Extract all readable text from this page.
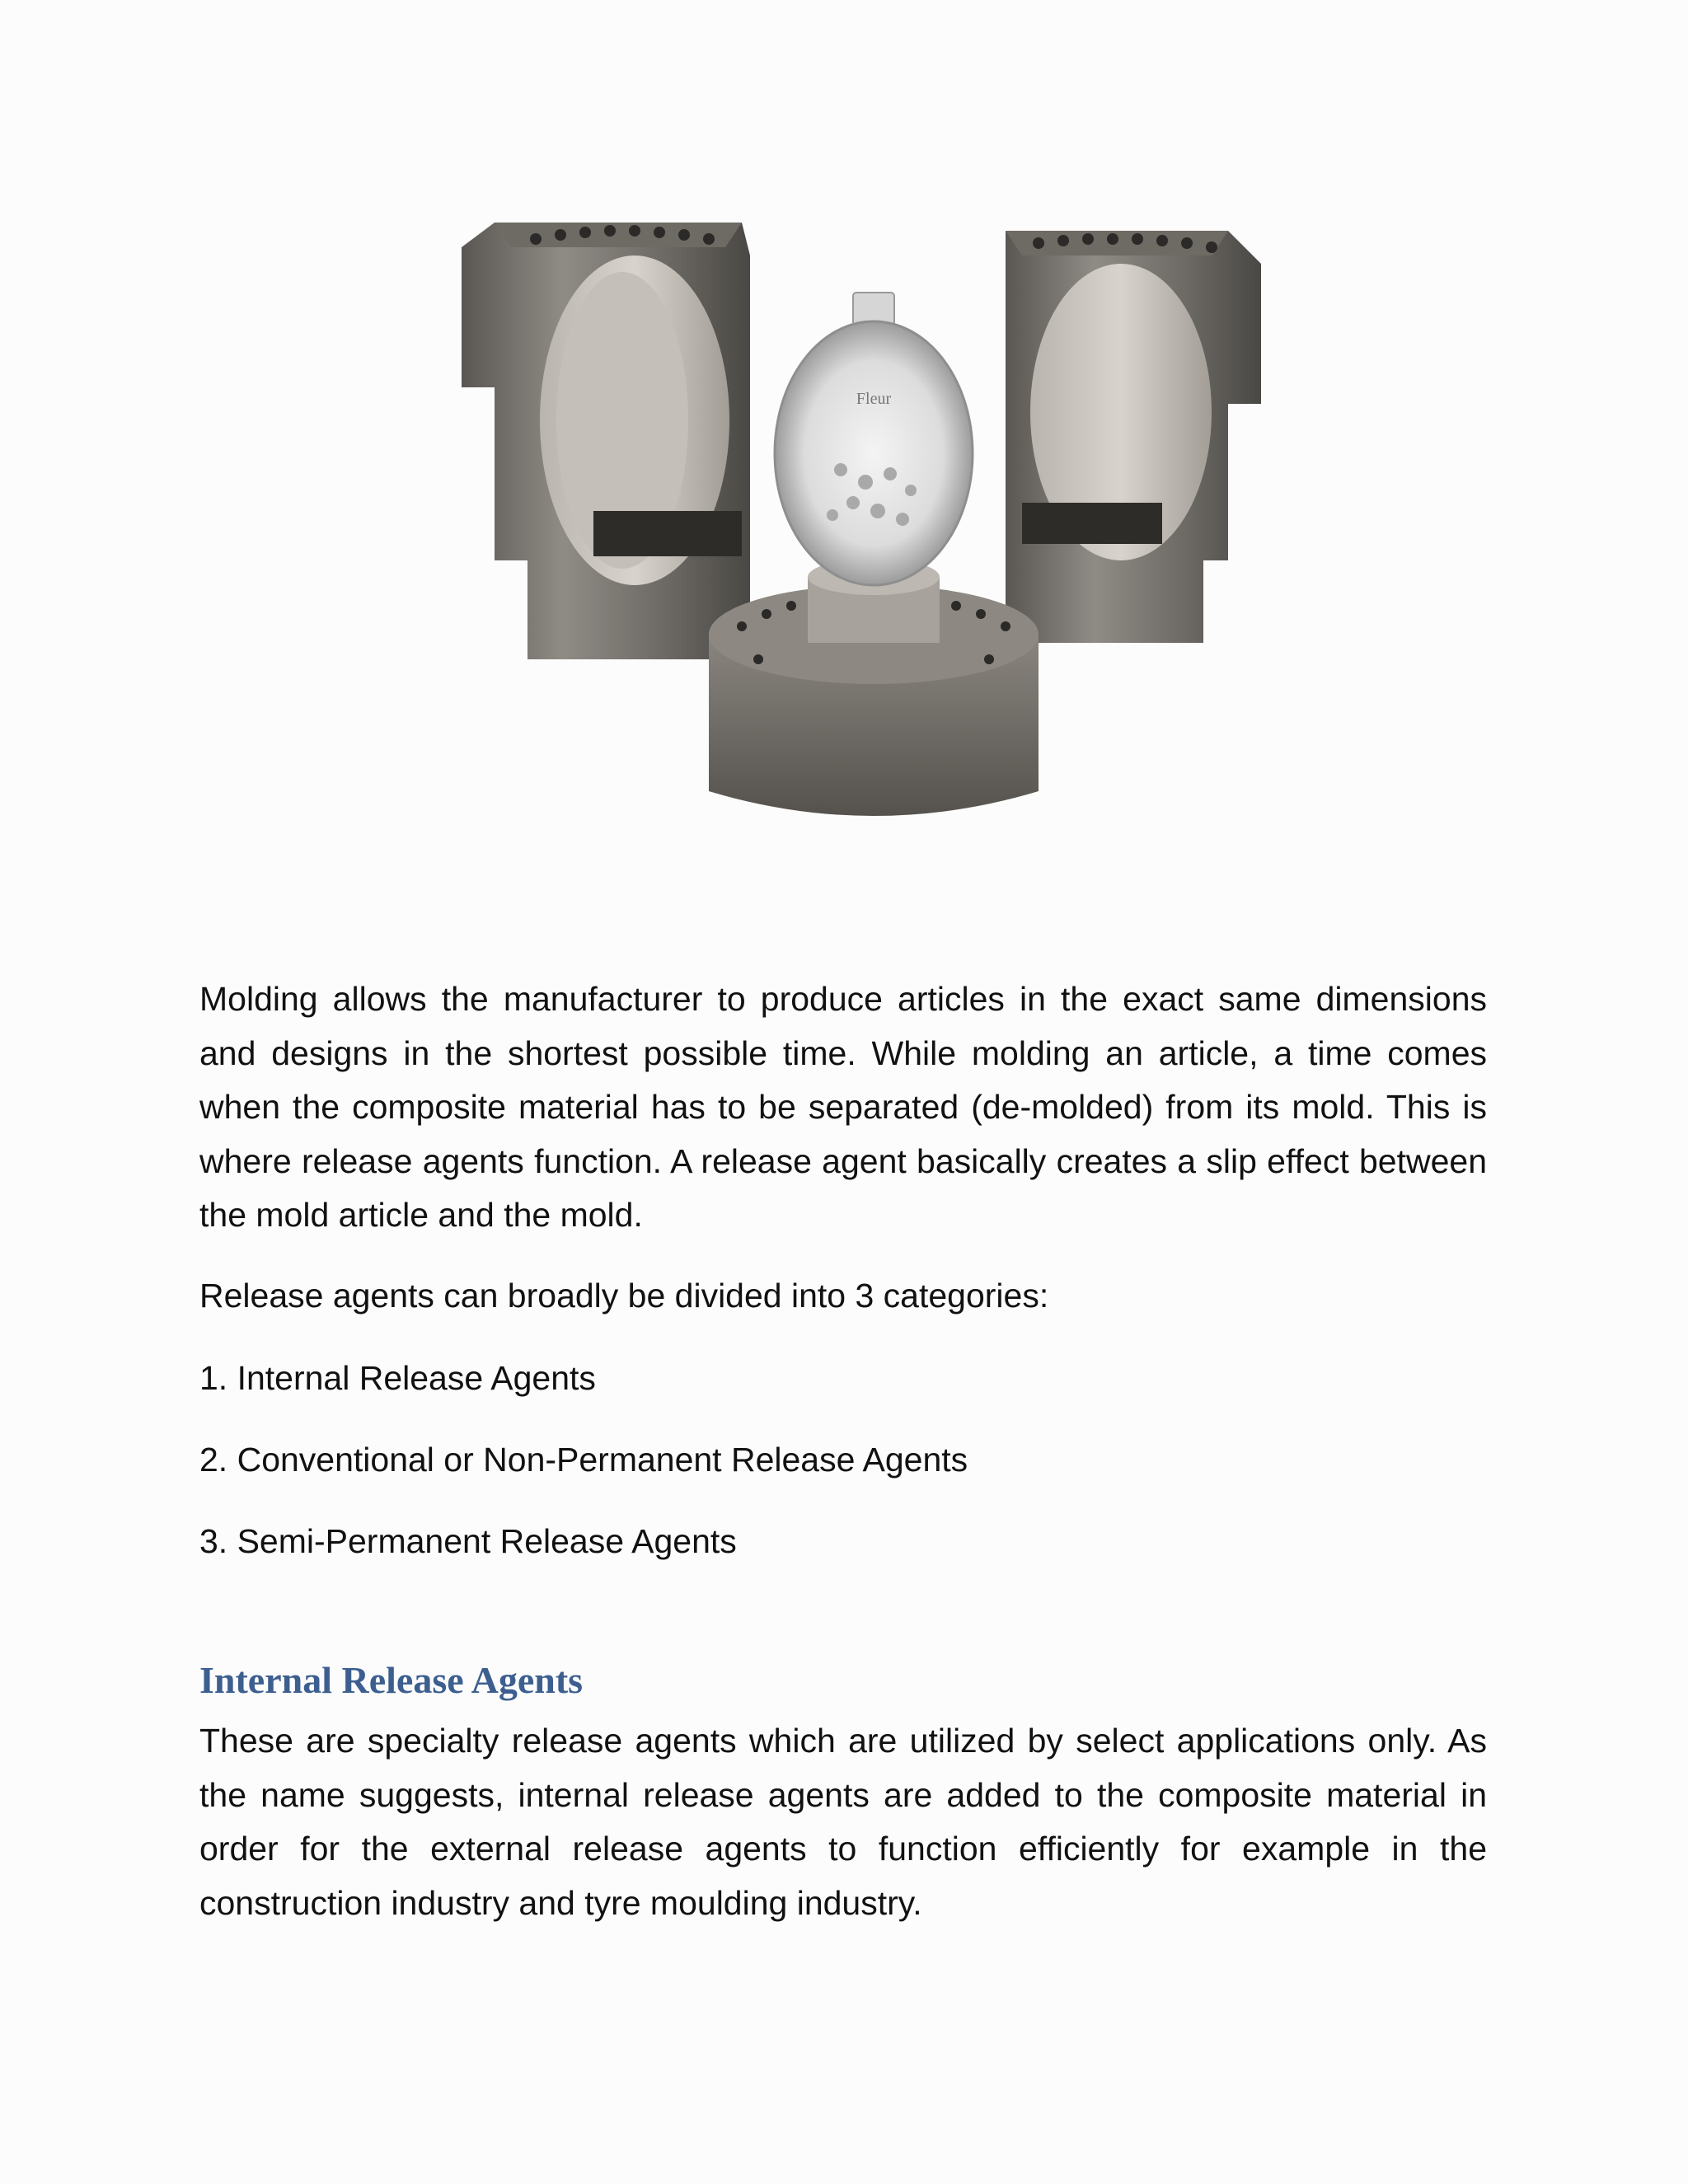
Fleur

Molding allows the manufacturer to produce articles in the exact same dimensions and designs in the shortest possible time. While molding an article, a time comes when the composite material has to be separated (de-molded) from its mold. This is where release agents function. A release agent basically creates a slip effect between the mold article and the mold.

Release agents can broadly be divided into 3 categories:

1. Internal Release Agents

2. Conventional or Non-Permanent Release Agents

3. Semi-Permanent Release Agents

Internal Release Agents

These are specialty release agents which are utilized by select applications only. As the name suggests, internal release agents are added to the composite material in order for the external release agents to function efficiently for example in the construction industry and tyre moulding industry.
